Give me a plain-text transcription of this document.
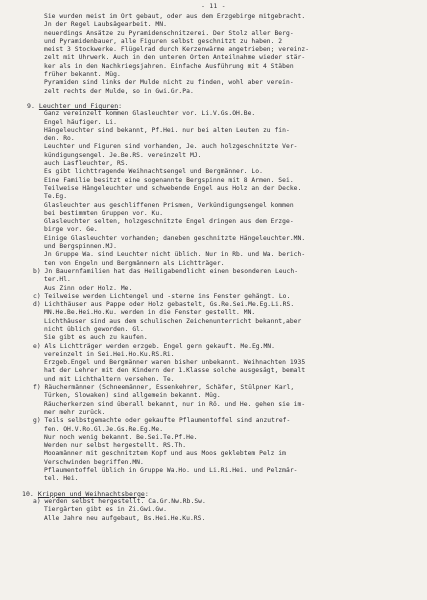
- 11 -
Sie wurden meist im Ort gebaut, oder aus dem Erzgebirge mitgebracht.
Jn der Regel Laubsägearbeit. MN.
neuerdings Ansätze zu Pyramidenschnitzerei. Der Stolz aller Berg-
und Pyramidenbauer, alle Figuren selbst geschnitzt zu haben. 2
meist 3 Stockwerke. Flügelrad durch Kerzenwärme angetrieben; vereinz-
zelt mit Uhrwerk. Auch in den unteren Orten Anteilnahme wieder stär-
ker als in den Nachkriegsjahren. Einfache Ausführung mit 4 Stäben
früher bekannt. Müg.
Pyramiden sind links der Mulde nicht zu finden, wohl aber verein-
zelt rechts der Mulde, so in Gwi.Gr.Pa.
9. Leuchter und Figuren:
Ganz vereinzelt kommen Glasleuchter vor. Li.V.Gs.OH.Be.
Engel häufiger. Li.
Hängeleuchter sind bekannt, Pf.Hei. nur bei alten Leuten zu fin-
den. Ro.
Leuchter und Figuren sind vorhanden, Je. auch holzgeschnitzte Ver-
kündigungsengel. Je.Be.RS. vereinzelt MJ.
auch Lasfleuchter, RS.
Es gibt lichttragende Weihnachtsengel und Bergmänner. Lo.
Eine Familie besitzt eine sogenannte Bergspinne mit 8 Armen. Sei.
Teilweise Hängeleuchter und schwebende Engel aus Holz an der Decke.
Te.Eg.
Glasleuchter aus geschliffenen Prismen, Verkündigungsengel kommen
bei bestimmten Gruppen vor. Ku.
Glasleuchter selten, holzgeschnitzte Engel dringen aus dem Erzge-
birge vor. Ge.
Einige Glasleuchter vorhanden; daneben geschnitzte Hängeleuchter.MN.
und Bergspinnen.MJ.
Jn Gruppe Wa. sind Leuchter nicht üblich. Nur in Rb. und Wa. berich-
ten von Engeln und Bergmännern als Lichtträger.
b) Jn Bauernfamilien hat das Heiligabendlicht einen besonderen Leuch-
ter.Hl.
Aus Zinn oder Holz. Me.
c) Teilweise werden Lichtengel und -sterne ins Fenster gehängt. Lo.
d) Lichthäuser aus Pappe oder Holz gebastelt, Gs.Re.Sei.Me.Eg.Li.RS.
MN.He.Be.Hei.Ho.Ku. werden in die Fenster gestellt. MN.
Lichthäuser sind aus dem schulischen Zeichenunterricht bekannt,aber
nicht üblich geworden. Gl.
Sie gibt es auch zu kaufen.
e) Als Lichtträger werden erzgeb. Engel gern gekauft. Me.Eg.MN.
vereinzelt in Sei.Hei.Ho.Ku.RS.Ri.
Erzgeb.Engel und Bergmänner waren bisher unbekannt. Weihnachten 1935
hat der Lehrer mit den Kindern der 1.Klasse solche ausgesägt, bemalt
und mit Lichthaltern versehen. Te.
f) Räuchermänner (Schneemänner, Essenkehrer, Schäfer, Stülpner Karl,
Türken, Slowaken) sind allgemein bekannt. Müg.
Räucherkerzen sind überall bekannt, nur in Rö. und He. gehen sie im-
mer mehr zurück.
g) Teils selbstgemachte oder gekaufte Pflaumentoffel sind anzutref-
fen. OH.V.Ro.Gl.Je.Gs.Re.Eg.Me.
Nur noch wenig bekannt. Be.Sei.Te.Pf.He.
Werden nur selbst hergestellt. RS.Th.
Mooamänner mit geschnitztem Kopf und aus Moos geklebtem Pelz im
Verschwinden begriffen.MN.
Pflaumentoffel üblich in Gruppe Wa.Ho. und Li.Ri.Hei. und Pelzmär-
tel. Hei.
10. Krippen und Weihnachtsberge:
a) werden selbst hergestellt. Ca.Gr.Nw.Rb.Sw.
Tiergärten gibt es in Zi.Gwi.Gw.
Alle Jahre neu aufgebaut, Bs.Hei.He.Ku.RS.
